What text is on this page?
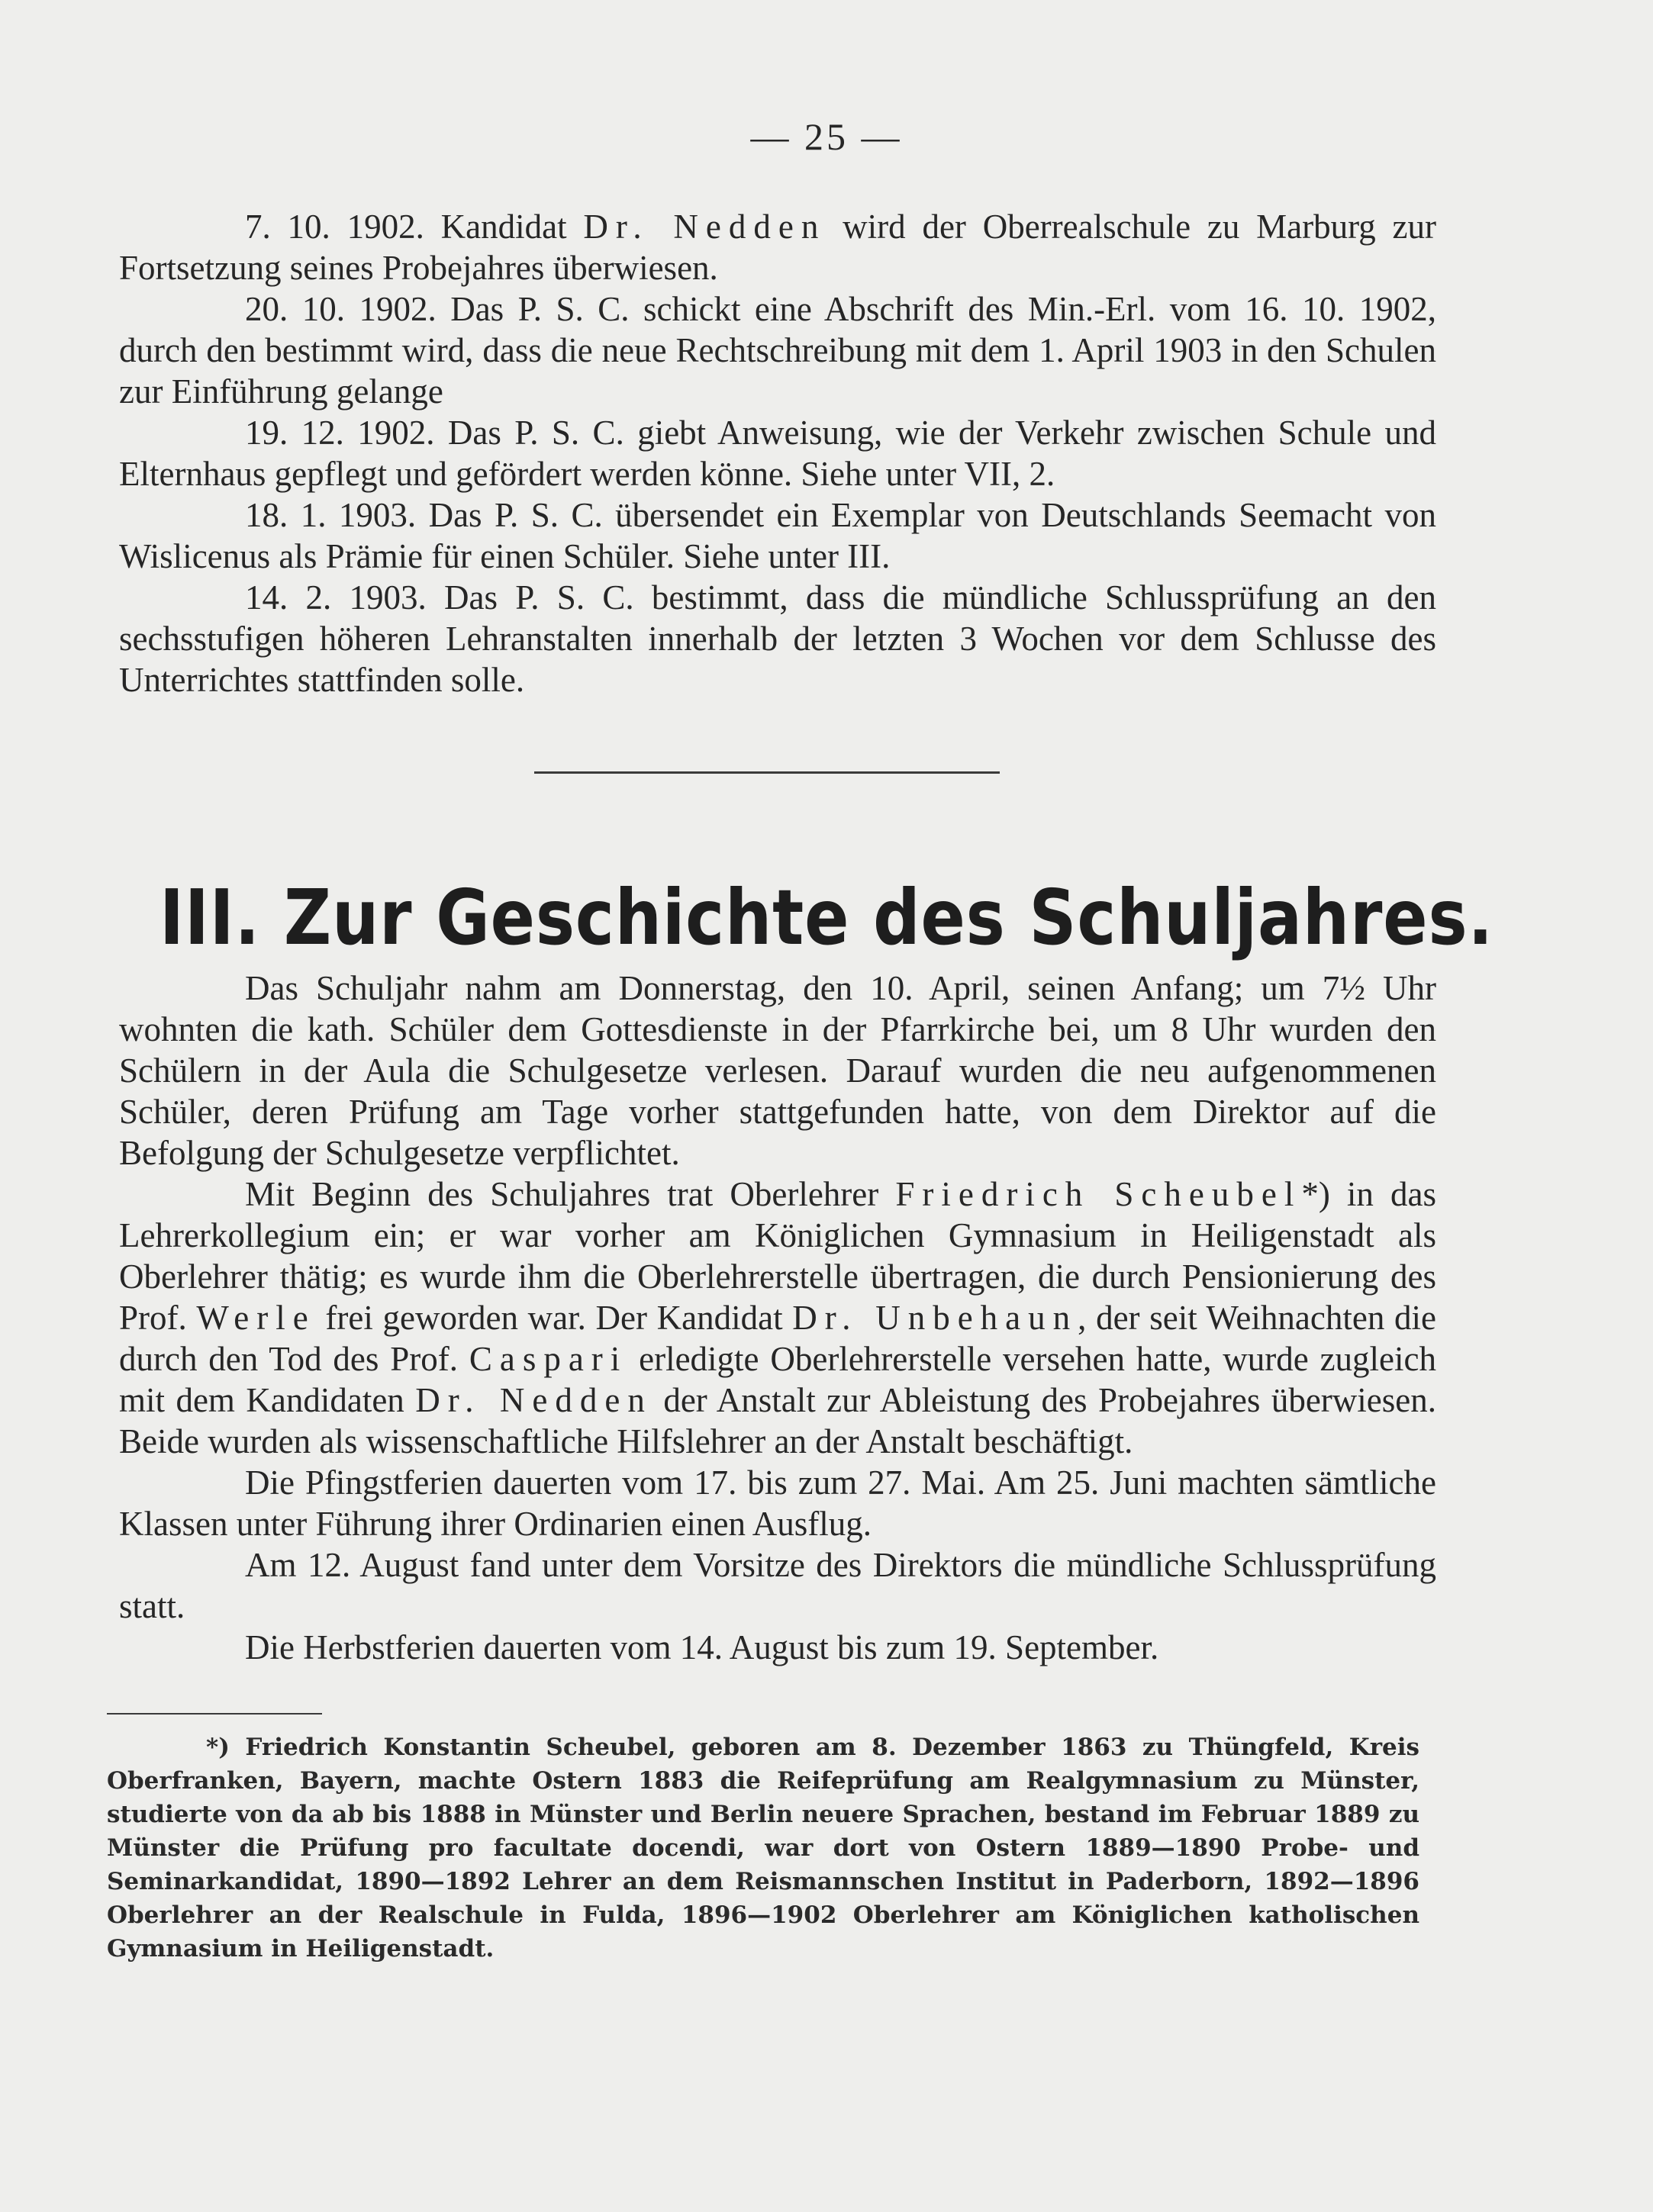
— 25 —

7. 10. 1902. Kandidat Dr. Nedden wird der Oberrealschule zu Marburg zur Fortsetzung seines Probejahres überwiesen.

20. 10. 1902. Das P. S. C. schickt eine Abschrift des Min.-Erl. vom 16. 10. 1902, durch den bestimmt wird, dass die neue Rechtschreibung mit dem 1. April 1903 in den Schulen zur Einführung gelange

19. 12. 1902. Das P. S. C. giebt Anweisung, wie der Verkehr zwischen Schule und Elternhaus gepflegt und gefördert werden könne. Siehe unter VII, 2.

18. 1. 1903. Das P. S. C. übersendet ein Exemplar von Deutschlands Seemacht von Wislicenus als Prämie für einen Schüler. Siehe unter III.

14. 2. 1903. Das P. S. C. bestimmt, dass die mündliche Schlussprüfung an den sechsstufigen höheren Lehranstalten innerhalb der letzten 3 Wochen vor dem Schlusse des Unterrichtes stattfinden solle.

III. Zur Geschichte des Schuljahres.

Das Schuljahr nahm am Donnerstag, den 10. April, seinen Anfang; um 7½ Uhr wohnten die kath. Schüler dem Gottesdienste in der Pfarrkirche bei, um 8 Uhr wurden den Schülern in der Aula die Schulgesetze verlesen. Darauf wurden die neu aufgenommenen Schüler, deren Prüfung am Tage vorher stattgefunden hatte, von dem Direktor auf die Befolgung der Schulgesetze verpflichtet.

Mit Beginn des Schuljahres trat Oberlehrer Friedrich Scheubel*) in das Lehrerkollegium ein; er war vorher am Königlichen Gymnasium in Heiligenstadt als Oberlehrer thätig; es wurde ihm die Oberlehrerstelle übertragen, die durch Pensionierung des Prof. Werle frei geworden war. Der Kandidat Dr. Unbehaun, der seit Weihnachten die durch den Tod des Prof. Caspari erledigte Oberlehrerstelle versehen hatte, wurde zugleich mit dem Kandidaten Dr. Nedden der Anstalt zur Ableistung des Probejahres überwiesen. Beide wurden als wissenschaftliche Hilfslehrer an der Anstalt beschäftigt.

Die Pfingstferien dauerten vom 17. bis zum 27. Mai. Am 25. Juni machten sämtliche Klassen unter Führung ihrer Ordinarien einen Ausflug.

Am 12. August fand unter dem Vorsitze des Direktors die mündliche Schlussprüfung statt.

Die Herbstferien dauerten vom 14. August bis zum 19. September.

*) Friedrich Konstantin Scheubel, geboren am 8. Dezember 1863 zu Thüngfeld, Kreis Oberfranken, Bayern, machte Ostern 1883 die Reifeprüfung am Realgymnasium zu Münster, studierte von da ab bis 1888 in Münster und Berlin neuere Sprachen, bestand im Februar 1889 zu Münster die Prüfung pro facultate docendi, war dort von Ostern 1889—1890 Probe- und Seminarkandidat, 1890—1892 Lehrer an dem Reismannschen Institut in Paderborn, 1892—1896 Oberlehrer an der Realschule in Fulda, 1896—1902 Oberlehrer am Königlichen katholischen Gymnasium in Heiligenstadt.
